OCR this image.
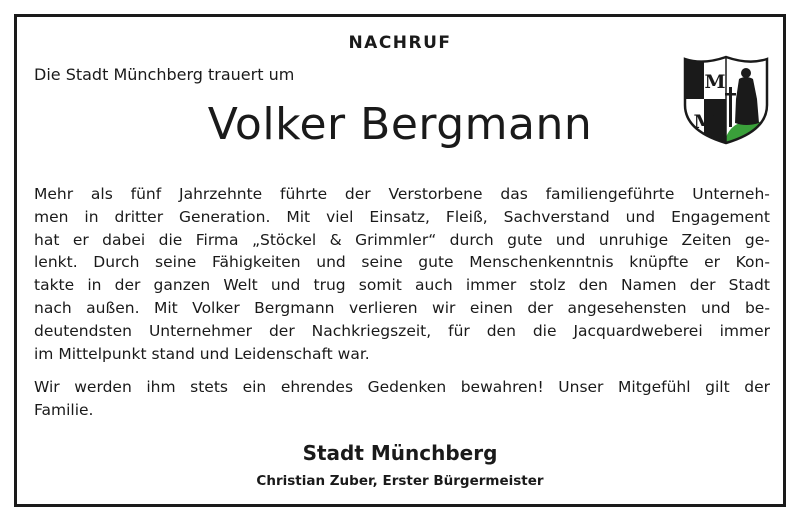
NACHRUF
Die Stadt Münchberg trauert um
Volker Bergmann
M
M

Mehr als fünf Jahrzehnte führte der Verstorbene das familiengeführte Unterneh-
men in dritter Generation. Mit viel Einsatz, Fleiß, Sachverstand und Engagement
hat er dabei die Firma „Stöckel & Grimmler“ durch gute und unruhige Zeiten ge-
lenkt. Durch seine Fähigkeiten und seine gute Menschenkenntnis knüpfte er Kon-
takte in der ganzen Welt und trug somit auch immer stolz den Namen der Stadt
nach außen. Mit Volker Bergmann verlieren wir einen der angesehensten und be-
deutendsten Unternehmer der Nachkriegszeit, für den die Jacquardweberei immer
im Mittelpunkt stand und Leidenschaft war.

Wir werden ihm stets ein ehrendes Gedenken bewahren! Unser Mitgefühl gilt der
Familie.

Stadt Münchberg
Christian Zuber, Erster Bürgermeister
